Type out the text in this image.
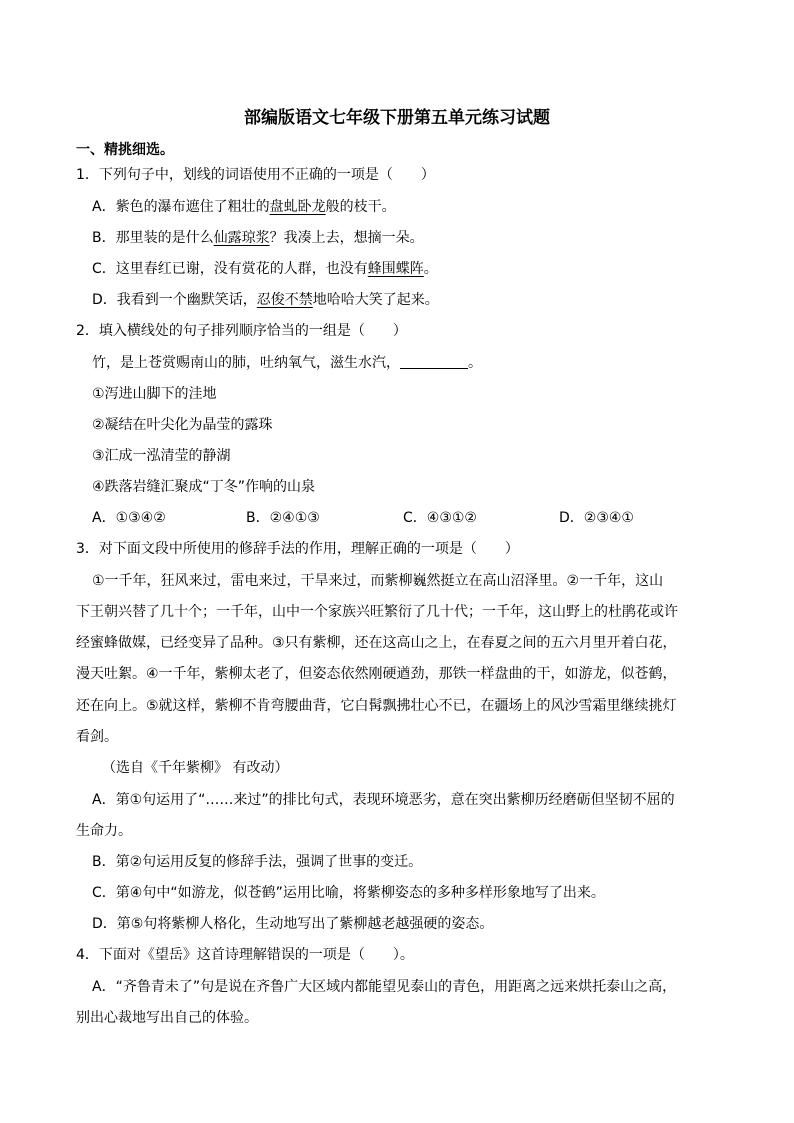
部编版语文七年级下册第五单元练习试题
一、精挑细选。
1．下列句子中，划线的词语使用不正确的一项是（　　）
A．紫色的瀑布遮住了粗壮的盘虬卧龙般的枝干。
B．那里装的是什么仙露琼浆？我凑上去，想摘一朵。
C．这里春红已谢，没有赏花的人群，也没有蜂围蝶阵。
D．我看到一个幽默笑话，忍俊不禁地哈哈大笑了起来。
2．填入横线处的句子排列顺序恰当的一组是（　　）
竹，是上苍赏赐南山的肺，吐纳氧气，滋生水汽，	。
①泻进山脚下的洼地
②凝结在叶尖化为晶莹的露珠
③汇成一泓清莹的静湖
④跌落岩缝汇聚成“丁冬”作响的山泉
A．①③④②	B．②④①③	C．④③①②	D．②③④①
3．对下面文段中所使用的修辞手法的作用，理解正确的一项是（　　）
①一千年，狂风来过，雷电来过，干旱来过，而紫柳巍然挺立在高山沼泽里。②一千年，这山
下王朝兴替了几十个；一千年，山中一个家族兴旺繁衍了几十代；一千年，这山野上的杜鹃花或许
经蜜蜂做媒，已经变异了品种。③只有紫柳，还在这高山之上，在春夏之间的五六月里开着白花，
漫天吐絮。④一千年，紫柳太老了，但姿态依然刚硬遒劲，那铁一样盘曲的干，如游龙，似苍鹤，
还在向上。⑤就这样，紫柳不肯弯腰曲背，它白髯飘拂壮心不已，在疆场上的风沙雪霜里继续挑灯
看剑。
（选自《千年紫柳》 有改动）
A．第①句运用了“……来过”的排比句式，表现环境恶劣，意在突出紫柳历经磨砺但坚韧不屈的
生命力。
B．第②句运用反复的修辞手法，强调了世事的变迁。
C．第④句中“如游龙，似苍鹤”运用比喻，将紫柳姿态的多种多样形象地写了出来。
D．第⑤句将紫柳人格化，生动地写出了紫柳越老越强硬的姿态。
4．下面对《望岳》这首诗理解错误的一项是（　　）。
A．“齐鲁青未了”句是说在齐鲁广大区域内都能望见泰山的青色，用距离之远来烘托泰山之高，
别出心裁地写出自己的体验。
